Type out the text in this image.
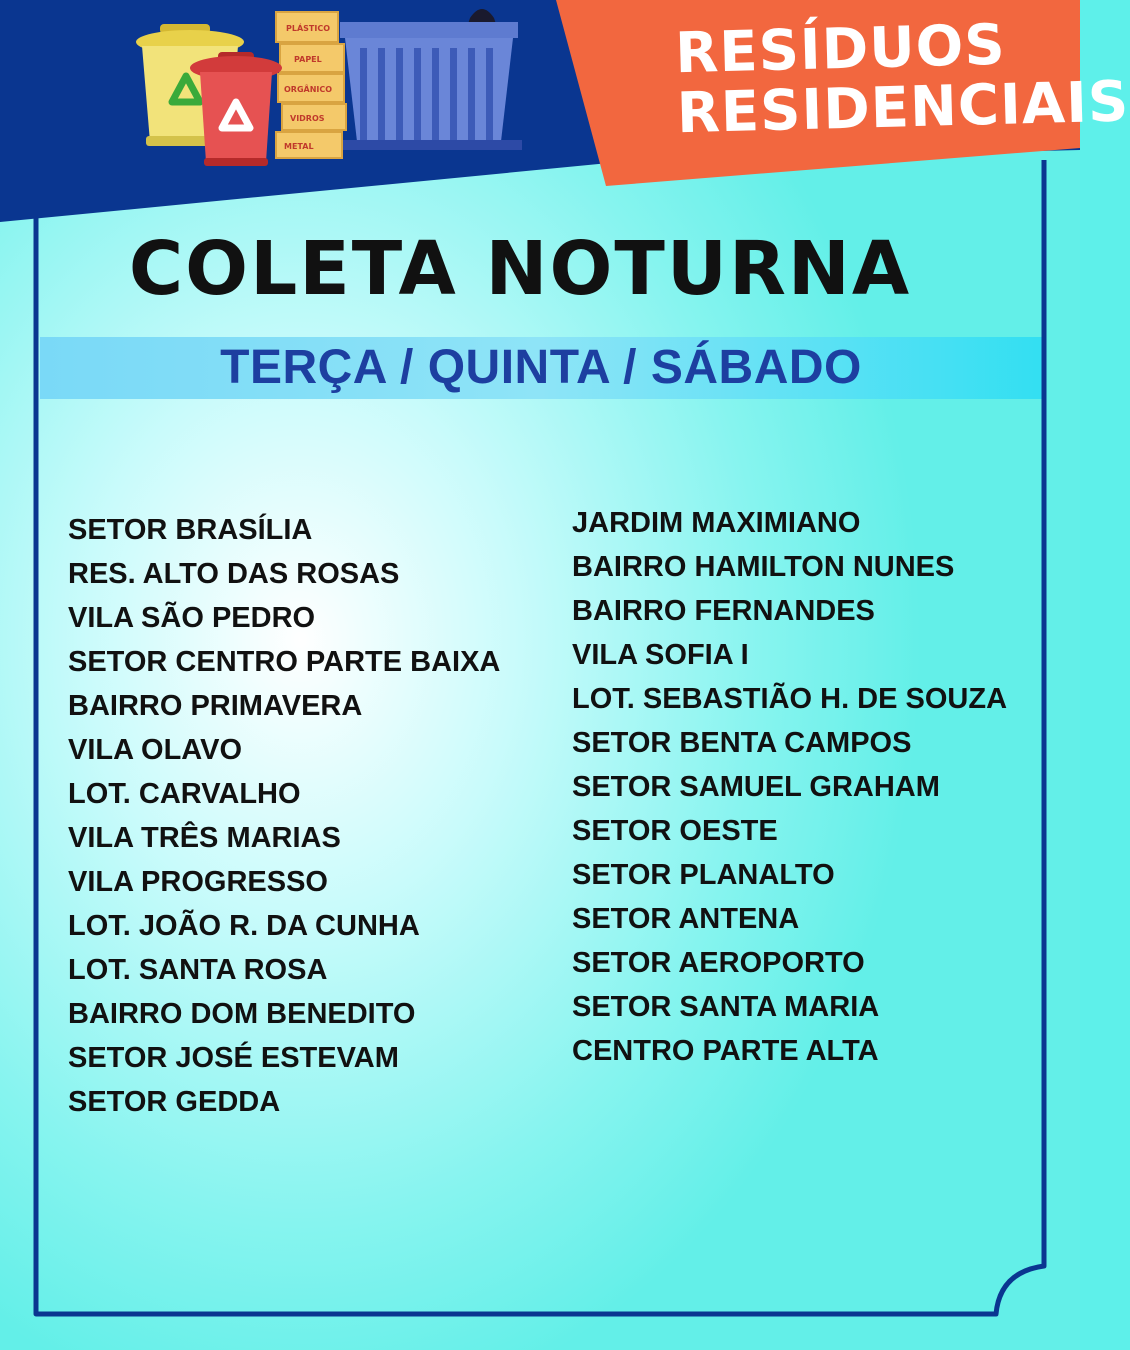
PLÁSTICO
PAPEL
ORGÂNICO
VIDROS
METAL
RESÍDUOS
RESIDENCIAIS
COLETA NOTURNA
TERÇA / QUINTA / SÁBADO
SETOR BRASÍLIA
RES. ALTO DAS ROSAS
VILA SÃO PEDRO
SETOR CENTRO PARTE BAIXA
BAIRRO PRIMAVERA
VILA OLAVO
LOT. CARVALHO
VILA TRÊS MARIAS
VILA PROGRESSO
LOT. JOÃO R. DA CUNHA
LOT. SANTA ROSA
BAIRRO DOM BENEDITO
SETOR JOSÉ ESTEVAM
SETOR GEDDA
JARDIM MAXIMIANO
BAIRRO HAMILTON NUNES
BAIRRO FERNANDES
VILA SOFIA I
LOT. SEBASTIÃO H. DE SOUZA
SETOR BENTA CAMPOS
SETOR SAMUEL GRAHAM
SETOR OESTE
SETOR PLANALTO
SETOR ANTENA
SETOR AEROPORTO
SETOR SANTA MARIA
CENTRO PARTE ALTA
